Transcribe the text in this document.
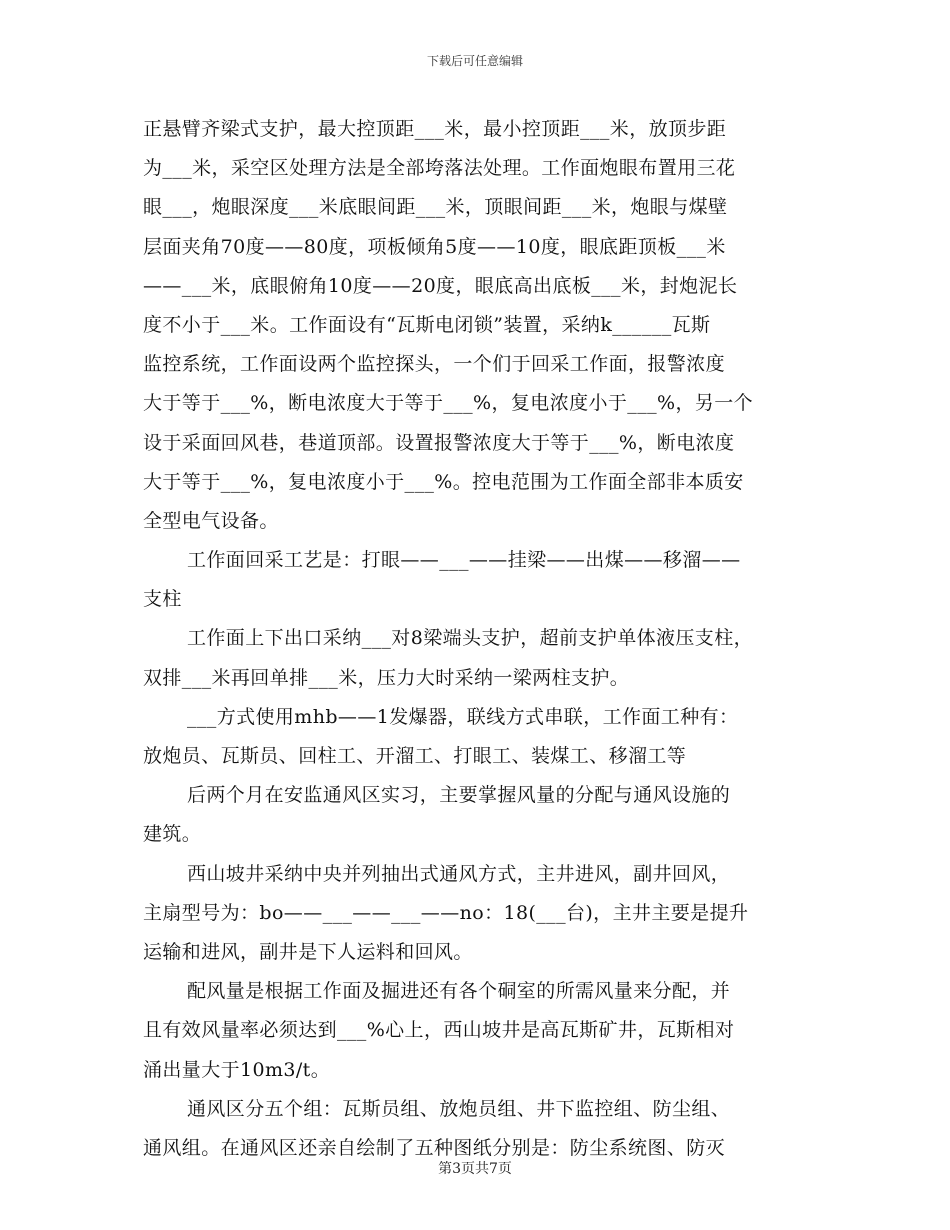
下载后可任意编辑
正悬臂齐梁式支护，最大控顶距___米，最小控顶距___米，放顶步距
为___米，采空区处理方法是全部垮落法处理。工作面炮眼布置用三花
眼___，炮眼深度___米底眼间距___米，顶眼间距___米，炮眼与煤壁
层面夹角70度——80度，项板倾角5度——10度，眼底距顶板___米
——___米，底眼俯角10度——20度，眼底高出底板___米，封炮泥长
度不小于___米。工作面设有“瓦斯电闭锁”装置，采纳k______瓦斯
监控系统，工作面设两个监控探头，一个们于回采工作面，报警浓度
大于等于___%，断电浓度大于等于___%，复电浓度小于___%，另一个
设于采面回风巷，巷道顶部。设置报警浓度大于等于___%，断电浓度
大于等于___%，复电浓度小于___%。控电范围为工作面全部非本质安
全型电气设备。
工作面回采工艺是：打眼——___——挂梁——出煤——移溜——
支柱
工作面上下出口采纳___对8梁端头支护，超前支护单体液压支柱，
双排___米再回单排___米，压力大时采纳一梁两柱支护。
___方式使用mhb——1发爆器，联线方式串联，工作面工种有：
放炮员、瓦斯员、回柱工、开溜工、打眼工、装煤工、移溜工等
后两个月在安监通风区实习，主要掌握风量的分配与通风设施的
建筑。
西山坡井采纳中央并列抽出式通风方式，主井进风，副井回风，
主扇型号为：bo——___——___——no：18(___台)，主井主要是提升
运输和进风，副井是下人运料和回风。
配风量是根据工作面及掘进还有各个硐室的所需风量来分配，并
且有效风量率必须达到___%心上，西山坡井是高瓦斯矿井，瓦斯相对
涌出量大于10m3/t。
通风区分五个组：瓦斯员组、放炮员组、井下监控组、防尘组、
通风组。在通风区还亲自绘制了五种图纸分别是：防尘系统图、防灭
第3页共7页
